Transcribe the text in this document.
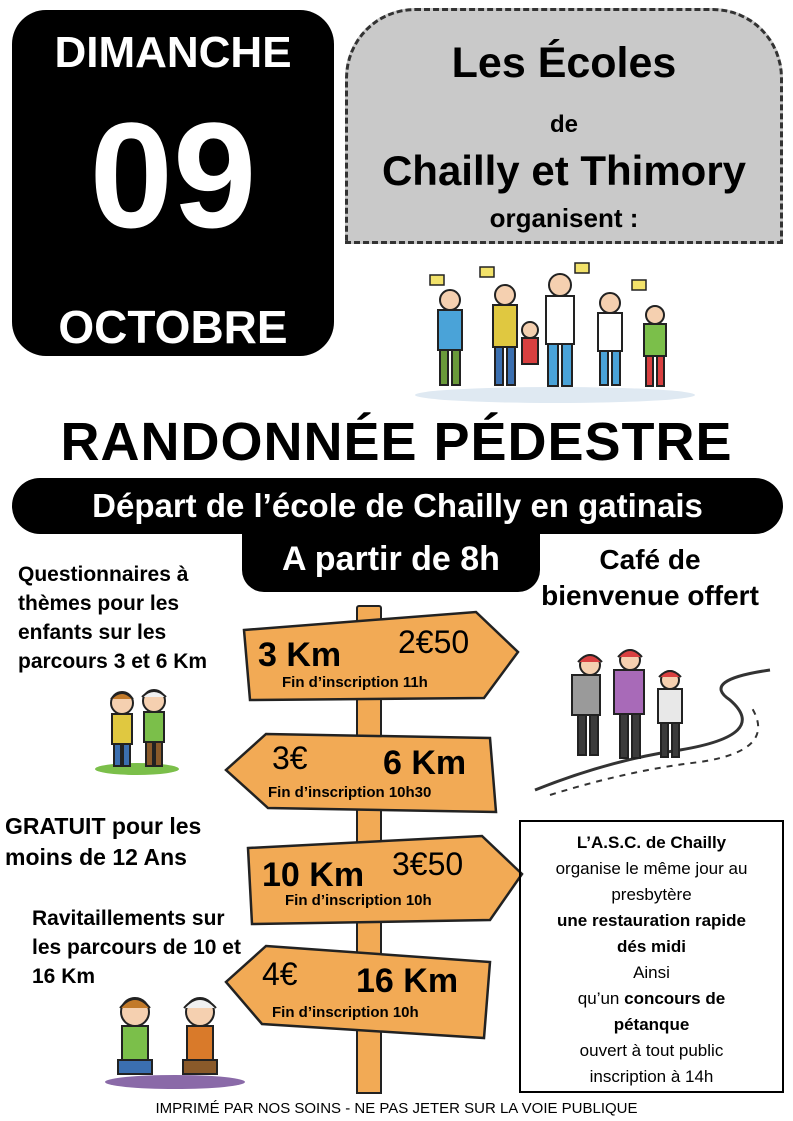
DIMANCHE
09
OCTOBRE
Les Écoles
de
Chailly et Thimory
organisent :
RANDONNÉE PÉDESTRE
Départ de l’école de Chailly en gatinais
A partir de 8h
Questionnaires à thèmes pour les enfants sur les parcours 3 et 6 Km
GRATUIT pour les moins de 12 Ans
Ravitaillements sur les parcours de 10 et 16 Km
Café de bienvenue offert
3 Km 2€50
Fin d’inscription 11h
3€ 6 Km
Fin d’inscription 10h30
10 Km 3€50
Fin d’inscription 10h
4€ 16 Km
Fin d’inscription 10h
L’A.S.C. de Chailly
organise le même jour au
presbytère
une restauration rapide
dés midi
Ainsi
qu’un concours de
pétanque
ouvert à tout public
inscription à 14h
IMPRIMÉ PAR NOS SOINS - NE PAS JETER SUR LA VOIE PUBLIQUE
